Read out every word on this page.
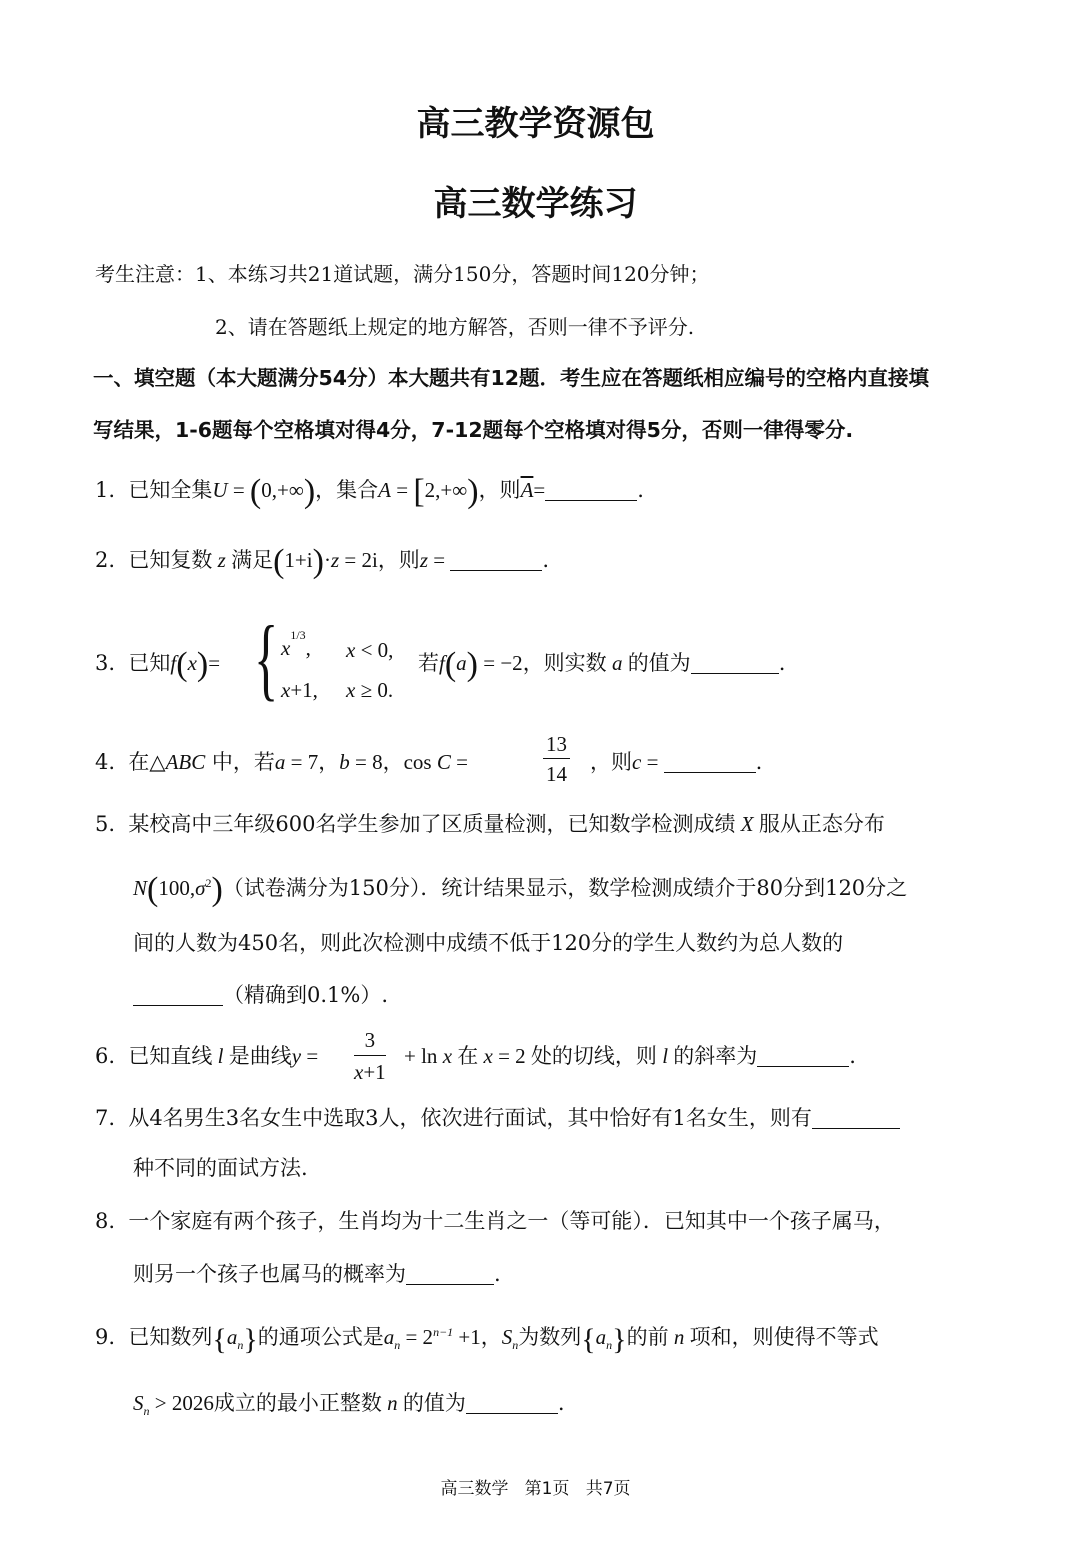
高三教学资源包
高三数学练习
考生注意：1、本练习共21道试题，满分150分，答题时间120分钟；
2、请在答题纸上规定的地方解答，否则一律不予评分.
一、填空题（本大题满分54分）本大题共有12题．考生应在答题纸相应编号的空格内直接填
写结果，1-6题每个空格填对得4分，7-12题每个空格填对得5分，否则一律得零分.
1. 已知全集U = (0,+∞)，集合A = [2,+∞)，则$\overline{A}=$	.
2. 已知复数 z 满足(1+i)·z = 2i，则z =	.
3. 已知f(x)= { $x^{1/3}$, x < 0,
x+1, x ≥ 0.
若f(a) = −2，则实数 a 的值为	.
4. 在△ABC 中，若a = 7，b = 8，cos C =
13
14 ，则c =	.
5. 某校高中三年级600名学生参加了区质量检测，已知数学检测成绩 X 服从正态分布
$N(100,\sigma^2)$（试卷满分为150分）．统计结果显示，数学检测成绩介于80分到120分之
间的人数为450名，则此次检测中成绩不低于120分的学生人数约为总人数的
（精确到0.1%）.
6. 已知直线 l 是曲线y =
3
x+1
+ ln x 在 x = 2 处的切线，则 l 的斜率为	.
7. 从4名男生3名女生中选取3人，依次进行面试，其中恰好有1名女生，则有
种不同的面试方法.
8. 一个家庭有两个孩子，生肖均为十二生肖之一（等可能）．已知其中一个孩子属马，
则另一个孩子也属马的概率为	.
9. 已知数列$\{a_n\}$的通项公式是$a_n = 2^{n-1} +1$，$S_n$为数列$\{a_n\}$的前 n 项和，则使得不等式
$S_n > 2026$成立的最小正整数 n 的值为	.
高三数学 第1页 共7页
